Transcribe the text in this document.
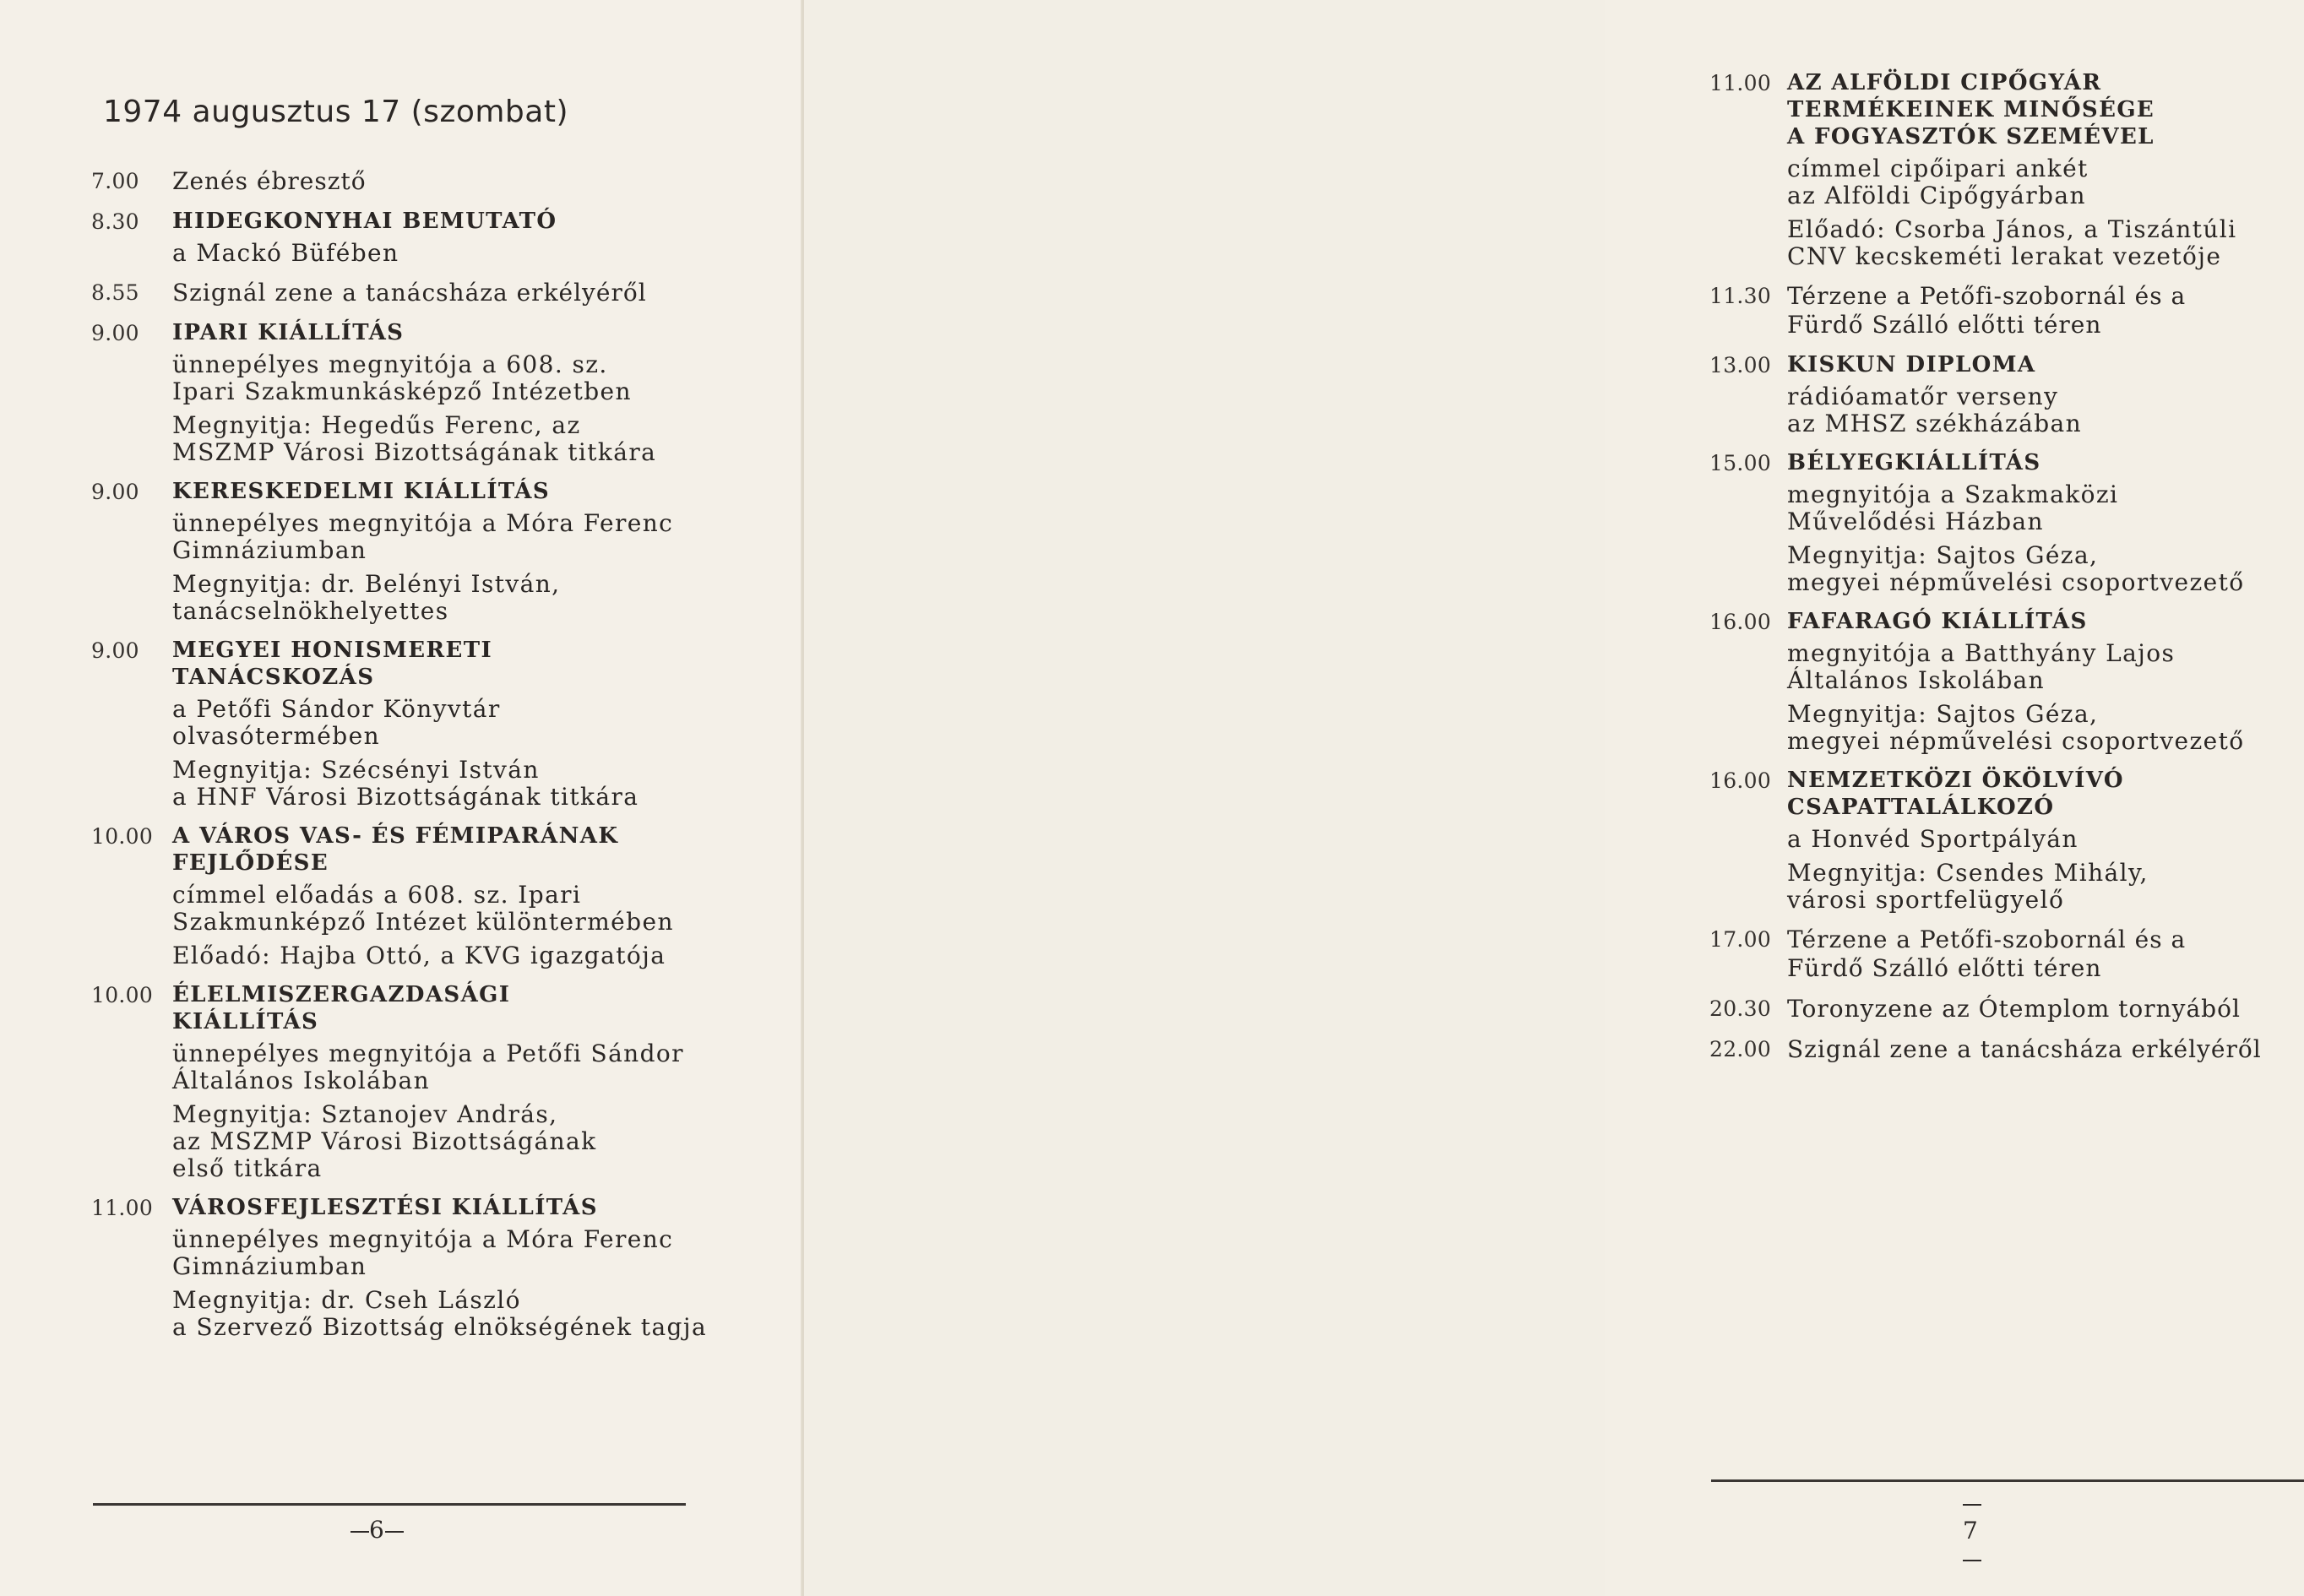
1974 augusztus 17 (szombat)
7.00	Zenés ébresztő
8.30	HIDEGKONYHAI BEMUTATÓ
a Mackó Büfében
8.55	Szignál zene a tanácsháza erkélyéről
9.00	IPARI KIÁLLÍTÁS
ünnepélyes megnyitója a 608. sz.
Ipari Szakmunkásképző Intézetben
Megnyitja: Hegedűs Ferenc, az
MSZMP Városi Bizottságának titkára
9.00	KERESKEDELMI KIÁLLÍTÁS
ünnepélyes megnyitója a Móra Ferenc
Gimnáziumban
Megnyitja: dr. Belényi István,
tanácselnökhelyettes
9.00	MEGYEI HONISMERETI
TANÁCSKOZÁS
a Petőfi Sándor Könyvtár
olvasótermében
Megnyitja: Szécsényi István
a HNF Városi Bizottságának titkára
10.00 A VÁROS VAS- ÉS FÉMIPARÁNAK
FEJLŐDÉSE
címmel előadás a 608. sz. Ipari
Szakmunképző Intézet különtermében
Előadó: Hajba Ottó, a KVG igazgatója
10.00 ÉLELMISZERGAZDASÁGI
KIÁLLÍTÁS
ünnepélyes megnyitója a Petőfi Sándor
Általános Iskolában
Megnyitja: Sztanojev András,
az MSZMP Városi Bizottságának
első titkára
11.00 VÁROSFEJLESZTÉSI KIÁLLÍTÁS
ünnepélyes megnyitója a Móra Ferenc
Gimnáziumban
Megnyitja: dr. Cseh László
a Szervező Bizottság elnökségének tagja
6
11.00 AZ ALFÖLDI CIPŐGYÁR
TERMÉKEINEK MINŐSÉGE
A FOGYASZTÓK SZEMÉVEL
címmel cipőipari ankét
az Alföldi Cipőgyárban
Előadó: Csorba János, a Tiszántúli
CNV kecskeméti lerakat vezetője
11.30 Térzene a Petőfi-szobornál és a
Fürdő Szálló előtti téren
13.00 KISKUN DIPLOMA
rádióamatőr verseny
az MHSZ székházában
15.00 BÉLYEGKIÁLLÍTÁS
megnyitója a Szakmaközi
Művelődési Házban
Megnyitja: Sajtos Géza,
megyei népművelési csoportvezető
16.00 FAFARAGÓ KIÁLLÍTÁS
megnyitója a Batthyány Lajos
Általános Iskolában
Megnyitja: Sajtos Géza,
megyei népművelési csoportvezető
16.00 NEMZETKÖZI ÖKÖLVÍVÓ
CSAPATTALÁLKOZÓ
a Honvéd Sportpályán
Megnyitja: Csendes Mihály,
városi sportfelügyelő
17.00 Térzene a Petőfi-szobornál és a
Fürdő Szálló előtti téren
20.30 Toronyzene az Ótemplom tornyából
22.00 Szignál zene a tanácsháza erkélyéről
7
